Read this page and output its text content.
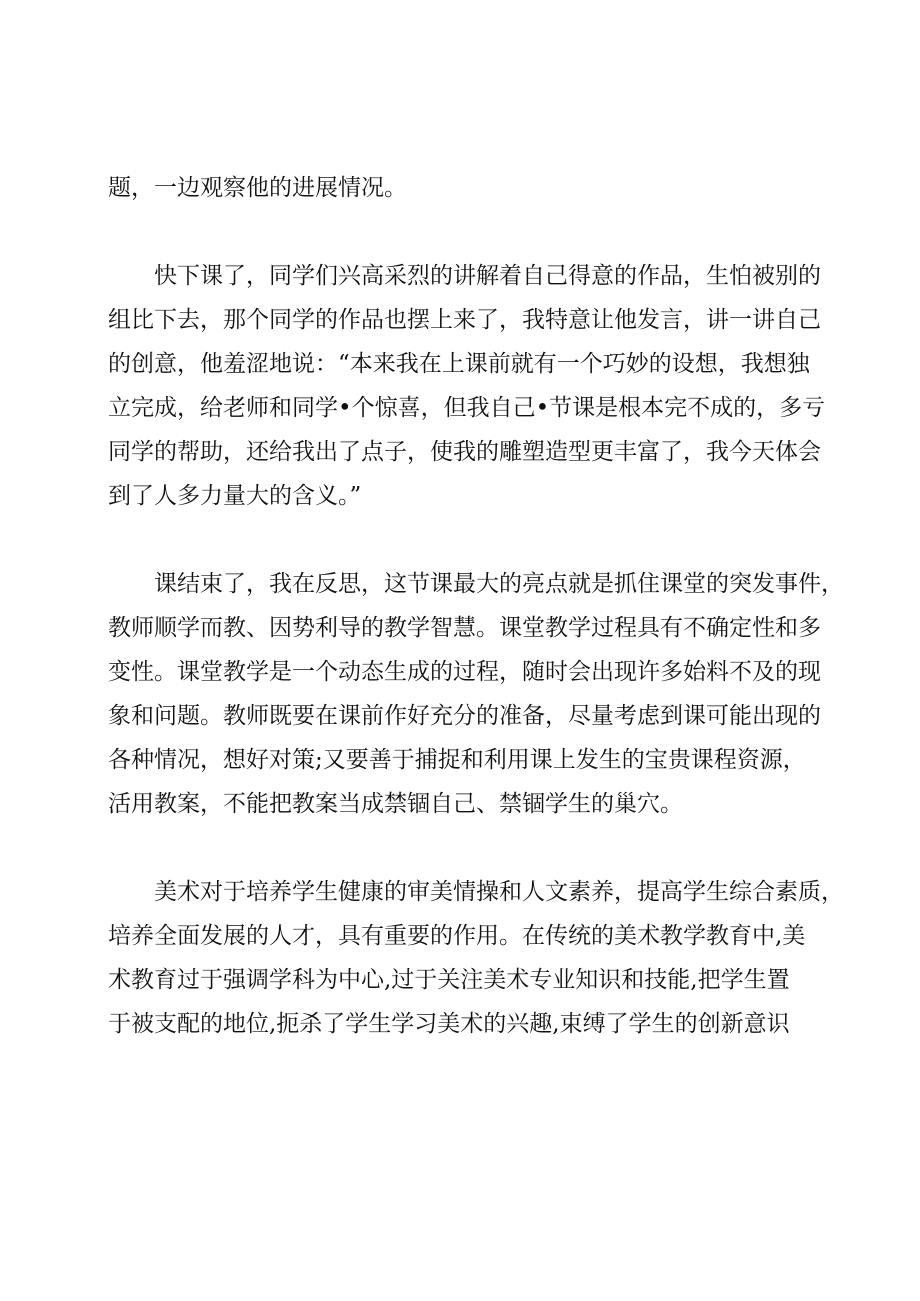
题，一边观察他的进展情况。
快下课了，同学们兴高采烈的讲解着自己得意的作品，生怕被别的
组比下去，那个同学的作品也摆上来了，我特意让他发言，讲一讲自己
的创意，他羞涩地说：“本来我在上课前就有一个巧妙的设想，我想独
立完成，给老师和同学•个惊喜，但我自己•节课是根本完不成的，多亏
同学的帮助，还给我出了点子，使我的雕塑造型更丰富了，我今天体会
到了人多力量大的含义。”
课结束了，我在反思，这节课最大的亮点就是抓住课堂的突发事件，
教师顺学而教、因势利导的教学智慧。课堂教学过程具有不确定性和多
变性。课堂教学是一个动态生成的过程，随时会出现许多始料不及的现
象和问题。教师既要在课前作好充分的准备，尽量考虑到课可能出现的
各种情况，想好对策;又要善于捕捉和利用课上发生的宝贵课程资源，
活用教案，不能把教案当成禁锢自己、禁锢学生的巢穴。
美术对于培养学生健康的审美情操和人文素养，提高学生综合素质，
培养全面发展的人才，具有重要的作用。在传统的美术教学教育中,美
术教育过于强调学科为中心,过于关注美术专业知识和技能,把学生置
于被支配的地位,扼杀了学生学习美术的兴趣,束缚了学生的创新意识
